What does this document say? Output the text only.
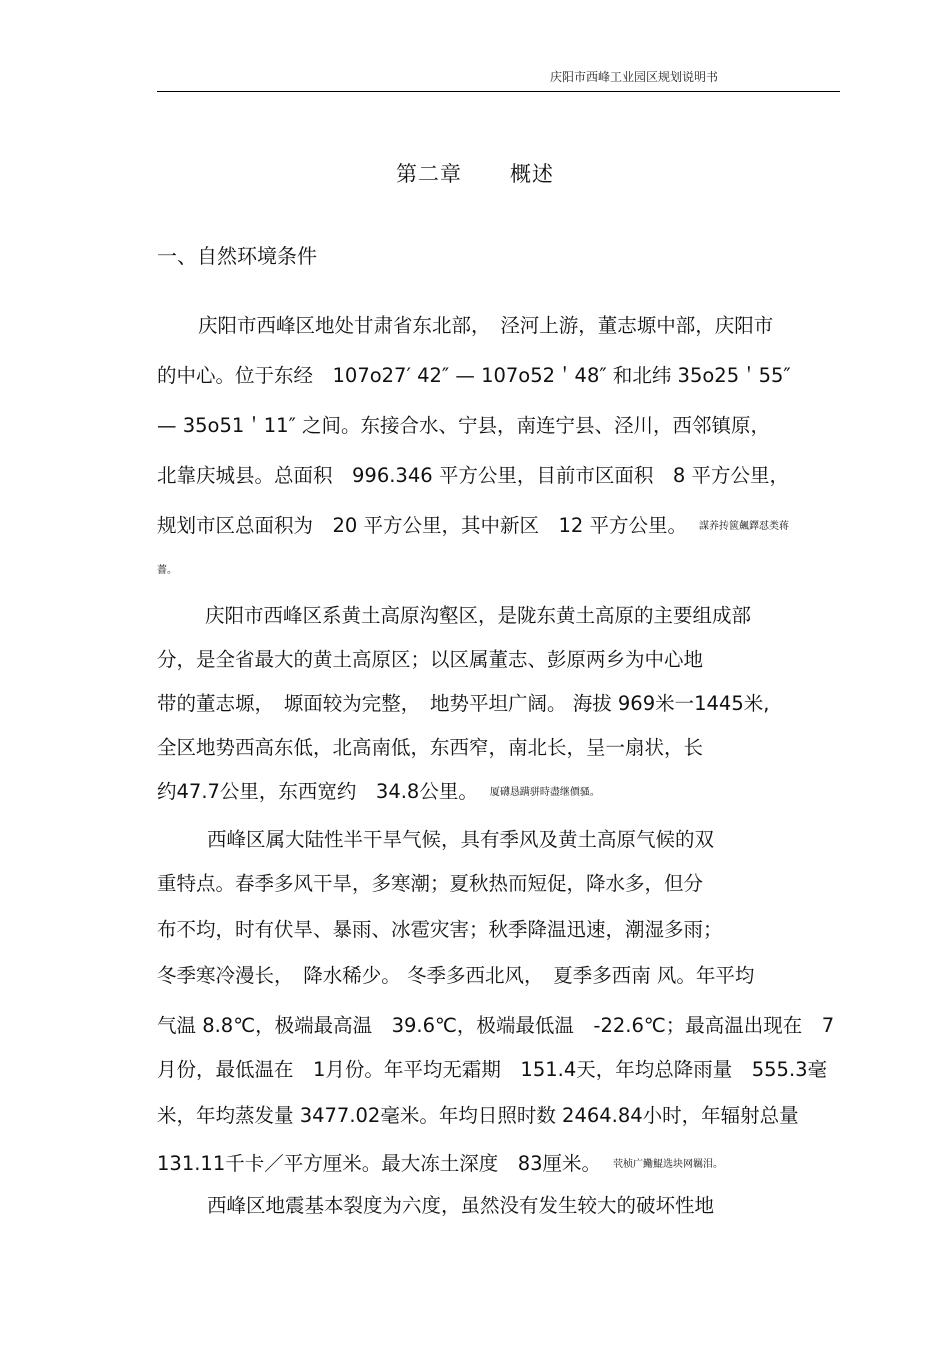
庆阳市西峰工业园区规划说明书
第二章 概述
一、自然环境条件
庆阳市西峰区地处甘肃省东北部，　泾河上游，董志塬中部，庆阳市
的中心。位于东经　107o27′ 42″ — 107o52＇48″ 和北纬 35o25＇55″
— 35o51＇11″ 之间。东接合水、宁县，南连宁县、泾川，西邻镇原，
北靠庆城县。总面积　996.346 平方公里，目前市区面积　8 平方公里，
规划市区总面积为　20 平方公里，其中新区　12 平方公里。 謀养抟篋飆鐸怼类蒋
薔。
庆阳市西峰区系黄土高原沟壑区，是陇东黄土高原的主要组成部
分，是全省最大的黄土高原区；以区属董志、彭原两乡为中心地
带的董志塬，　塬面较为完整，　地势平坦广阔。 海拔 969米一1445米,
全区地势西高东低，北高南低，东西窄，南北长，呈一扇状，长
约47.7公里，东西宽约　34.8公里。 厦礴恳蹒骈時盡继價骚。
西峰区属大陆性半干旱气候，具有季风及黄土高原气候的双
重特点。春季多风干旱，多寒潮；夏秋热而短促，降水多，但分
布不均，时有伏旱、暴雨、冰雹灾害；秋季降温迅速，潮湿多雨；
冬季寒冷漫长，　降水稀少。 冬季多西北风，　夏季多西南 风。年平均
气温 8.8℃，极端最高温　39.6℃，极端最低温　-22.6℃；最高温出现在　7
月份，最低温在　1月份。年平均无霜期　151.4天，年均总降雨量　555.3毫
米，年均蒸发量 3477.02毫米。年均日照时数 2464.84小时，年辐射总量
131.11千卡／平方厘米。最大冻土深度　83厘米。 茕桢广鰳鯤选块网羈泪。
西峰区地震基本裂度为六度，虽然没有发生较大的破坏性地
